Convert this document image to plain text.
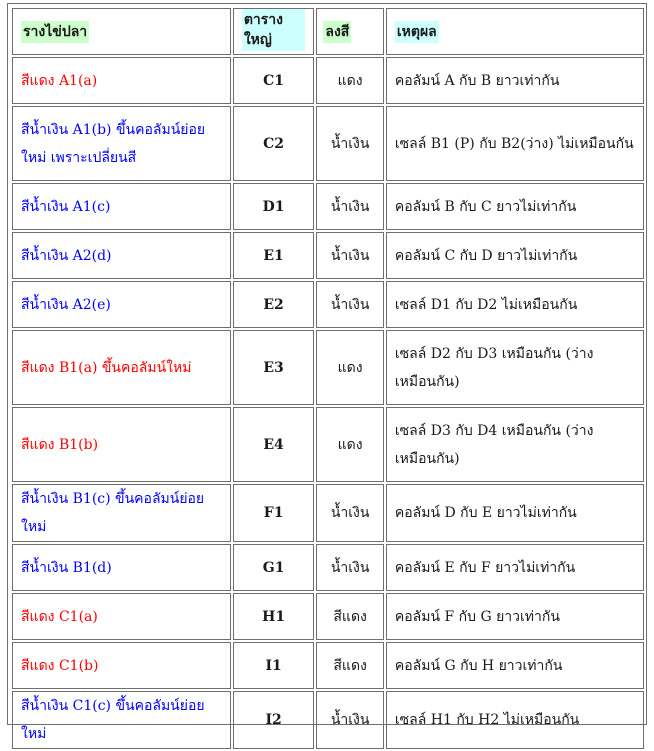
รางไข่ปลา	ตารางใหญ่	ลงสี	เหตุผล
สีแดง A1(a)	C1	แดง	คอลัมน์ A กับ B ยาวเท่ากัน
สีน้ำเงิน A1(b) ขึ้นคอลัมน์ย่อยใหม่ เพราะเปลี่ยนสี	C2	น้ำเงิน	เซลล์ B1 (P) กับ B2(ว่าง) ไม่เหมือนกัน
สีน้ำเงิน A1(c)	D1	น้ำเงิน	คอลัมน์ B กับ C ยาวไม่เท่ากัน
สีน้ำเงิน A2(d)	E1	น้ำเงิน	คอลัมน์ C กับ D ยาวไม่เท่ากัน
สีน้ำเงิน A2(e)	E2	น้ำเงิน	เซลล์ D1 กับ D2 ไม่เหมือนกัน
สีแดง B1(a) ขึ้นคอลัมน์ใหม่	E3	แดง	เซลล์ D2 กับ D3 เหมือนกัน (ว่าง เหมือนกัน)
สีแดง B1(b)	E4	แดง	เซลล์ D3 กับ D4 เหมือนกัน (ว่าง เหมือนกัน)
สีน้ำเงิน B1(c) ขึ้นคอลัมน์ย่อยใหม่	F1	น้ำเงิน	คอลัมน์ D กับ E ยาวไม่เท่ากัน
สีน้ำเงิน B1(d)	G1	น้ำเงิน	คอลัมน์ E กับ F ยาวไม่เท่ากัน
สีแดง C1(a)	H1	สีแดง	คอลัมน์ F กับ G ยาวเท่ากัน
สีแดง C1(b)	I1	สีแดง	คอลัมน์ G กับ H ยาวเท่ากัน
สีน้ำเงิน C1(c) ขึ้นคอลัมน์ย่อยใหม่	I2	น้ำเงิน	เซลล์ H1 กับ H2 ไม่เหมือนกัน
